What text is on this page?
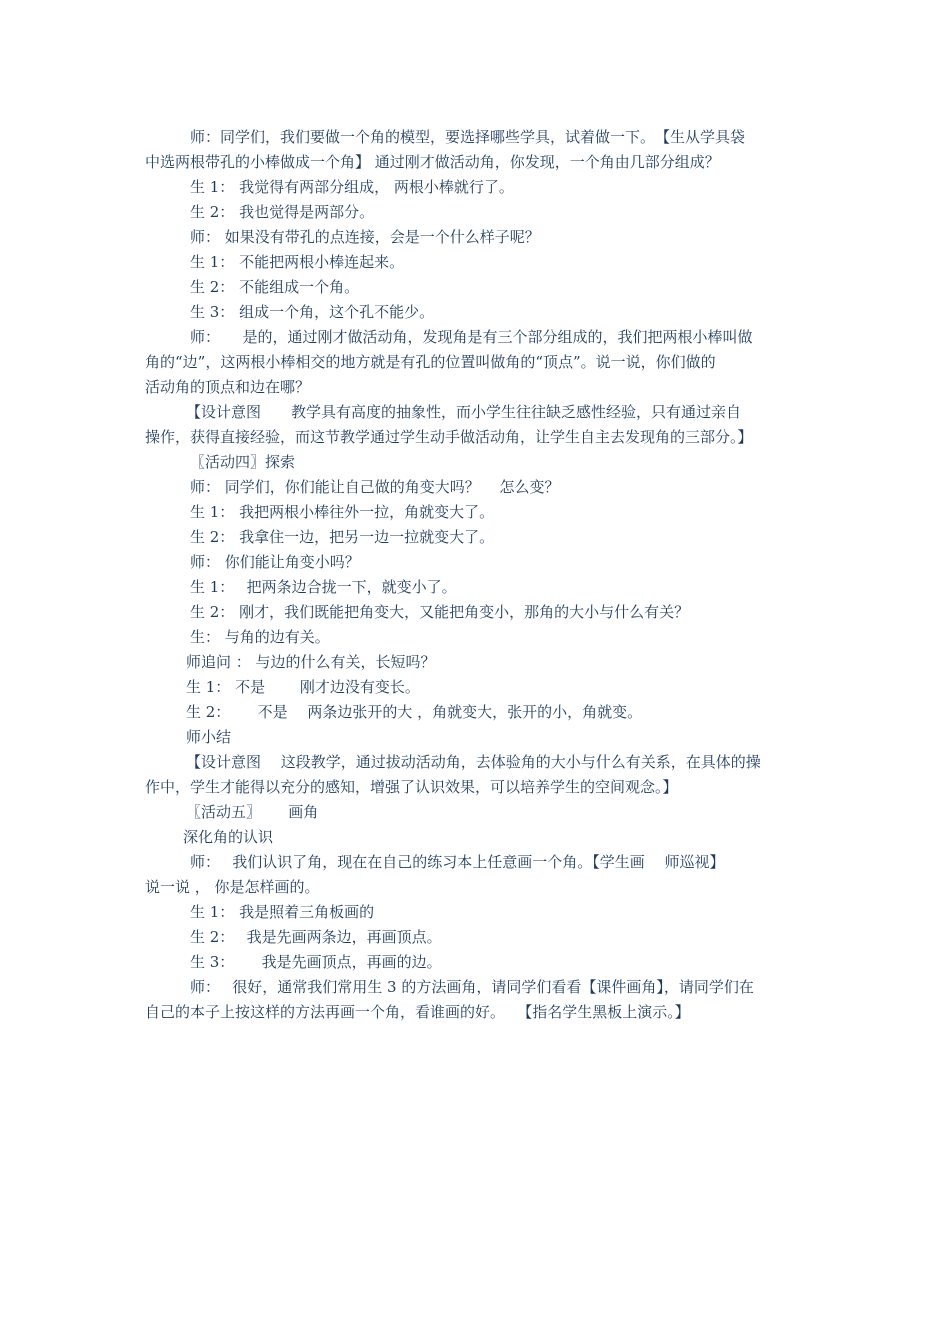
师：同学们，我们要做一个角的模型，要选择哪些学具，试着做一下。　【生从学具袋
中选两根带孔的小棒做成一个角】 通过刚才做活动角，你发现，一个角由几部分组成？
生 1： 我觉得有两部分组成， 两根小棒就行了。
生 2： 我也觉得是两部分。
师： 如果没有带孔的点连接，会是一个什么样子呢？
生 1： 不能把两根小棒连起来。
生 2： 不能组成一个角。
生 3： 组成一个角，这个孔不能少。
师：　　是的，通过刚才做活动角，发现角是有三个部分组成的，我们把两根小棒叫做
角的“边”，这两根小棒相交的地方就是有孔的位置叫做角的“顶点”。说一说，你们做的
活动角的顶点和边在哪？
【设计意图　　教学具有高度的抽象性，而小学生往往缺乏感性经验，只有通过亲自
操作，获得直接经验，而这节教学通过学生动手做活动角，让学生自主去发现角的三部分。】
〖活动四〗探索
师： 同学们，你们能让自己做的角变大吗？　 怎么变？
生 1： 我把两根小棒往外一拉，角就变大了。
生 2： 我拿住一边，把另一边一拉就变大了。
师： 你们能让角变小吗？
生 1：　 把两条边合拢一下，就变小了。
生 2： 刚才，我们既能把角变大，又能把角变小，那角的大小与什么有关？
生： 与角的边有关。
师追问 ： 与边的什么有关，长短吗？
生 1： 不是　　 刚才边没有变长。
生 2：　　 不是　 两条边张开的大 ，角就变大，张开的小，角就变。
师小结
【设计意图　 这段教学，通过拔动活动角，去体验角的大小与什么有关系，在具体的操
作中，学生才能得以充分的感知，增强了认识效果，可以培养学生的空间观念。】
〖活动五〗　　 画角
深化角的认识
师：　 我们认识了角，现在在自己的练习本上任意画一个角。【学生画　 师巡视】
说一说 ， 你是怎样画的。
生 1： 我是照着三角板画的
生 2：　 我是先画两条边，再画顶点。
生 3：　　 我是先画顶点，再画的边。
师：　 很好，通常我们常用生 3 的方法画角，请同学们看看【课件画角】，请同学们在
自己的本子上按这样的方法再画一个角，看谁画的好。　 【指名学生黑板上演示。】
